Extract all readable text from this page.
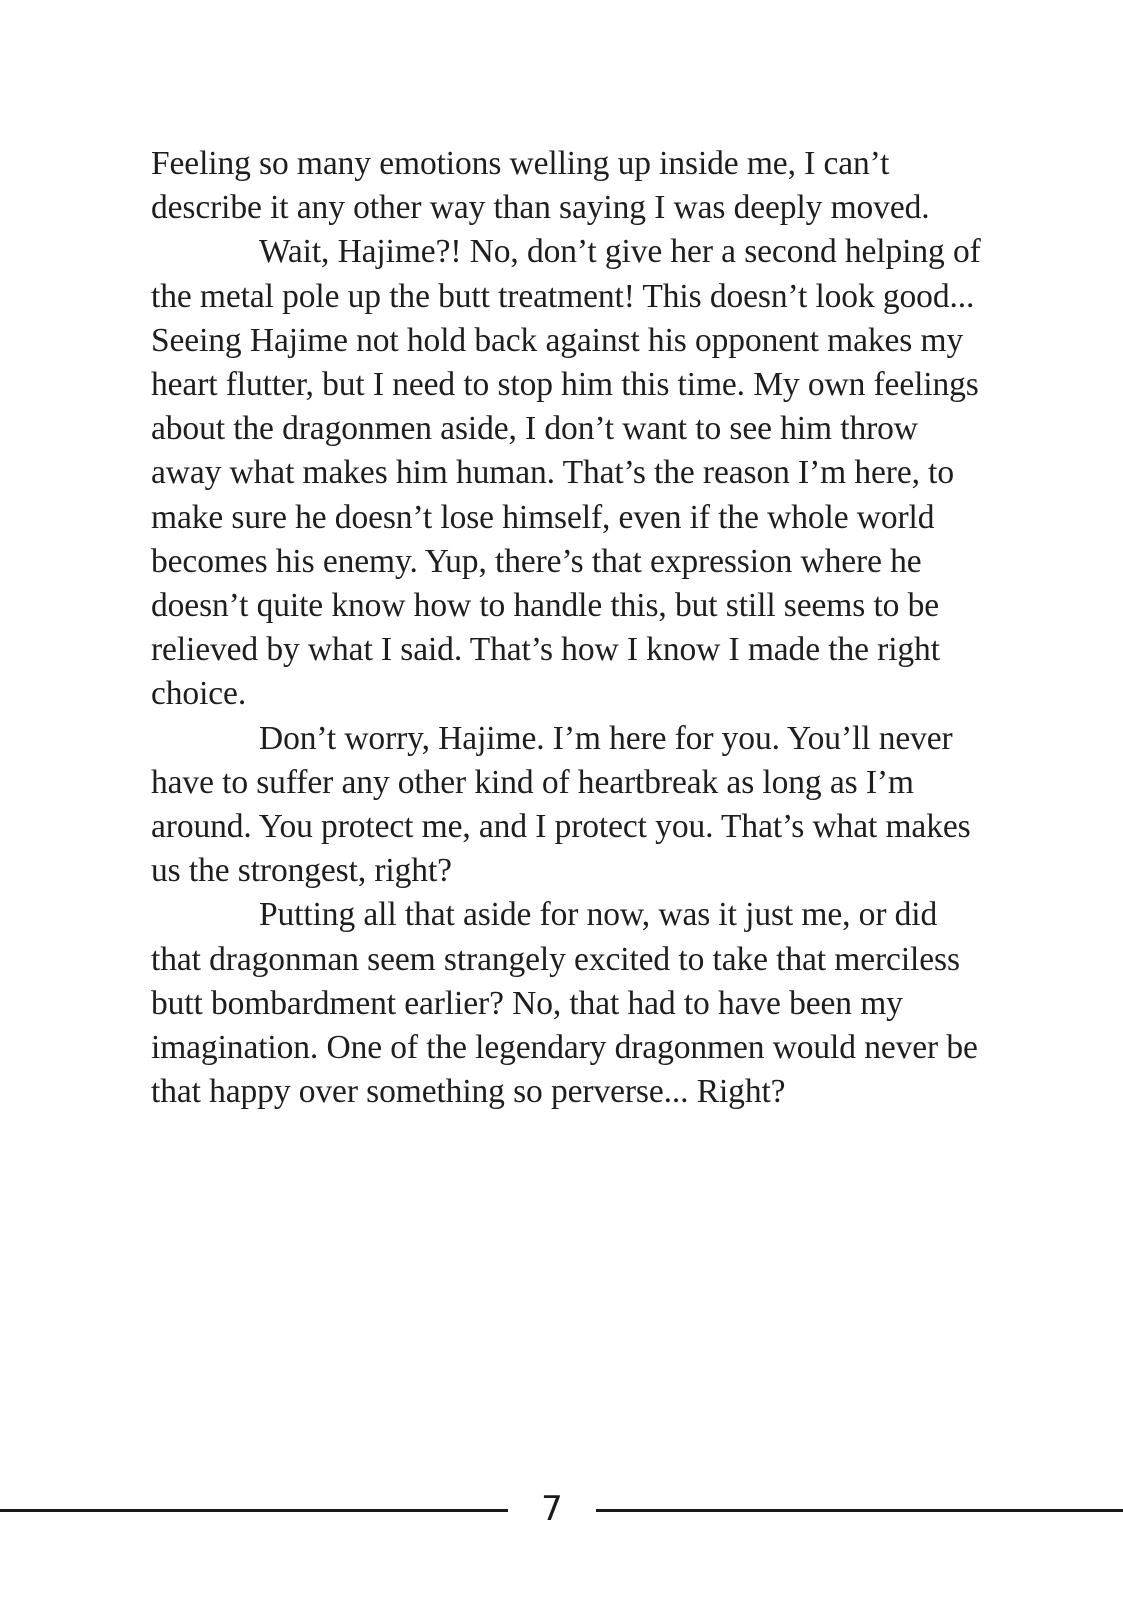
Feeling so many emotions welling up inside me, I can’t describe it any other way than saying I was deeply moved.

Wait, Hajime?! No, don’t give her a second helping of the metal pole up the butt treatment! This doesn’t look good... Seeing Hajime not hold back against his opponent makes my heart flutter, but I need to stop him this time. My own feelings about the dragonmen aside, I don’t want to see him throw away what makes him human. That’s the reason I’m here, to make sure he doesn’t lose himself, even if the whole world becomes his enemy. Yup, there’s that expression where he doesn’t quite know how to handle this, but still seems to be relieved by what I said. That’s how I know I made the right choice.

Don’t worry, Hajime. I’m here for you. You’ll never have to suffer any other kind of heartbreak as long as I’m around. You protect me, and I protect you. That’s what makes us the strongest, right?

Putting all that aside for now, was it just me, or did that dragonman seem strangely excited to take that merciless butt bombardment earlier? No, that had to have been my imagination. One of the legendary dragonmen would never be that happy over something so perverse... Right?

7
